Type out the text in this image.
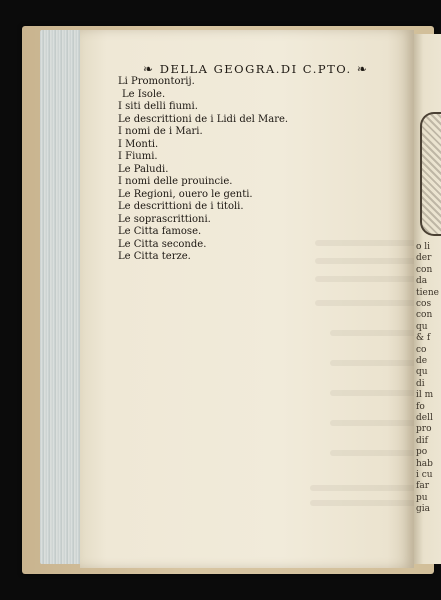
o li
der
con
da
tiene
cos
con
qu
& f
co
de
qu
di
il m
fo
dell
pro
dif
po
hab
i cu
far
pu
gia
❧ DELLA GEOGRA.DI C.PTO. ❧
Li Promontorij.
Le Isole.
I siti delli fiumi.
Le descrittioni de i Lidi del Mare.
I nomi de i Mari.
I Monti.
I Fiumi.
Le Paludi.
I nomi delle prouincie.
Le Regioni, ouero le genti.
Le descrittioni de i titoli.
Le soprascrittioni.
Le Citta famose.
Le Citta seconde.
Le Citta terze.
